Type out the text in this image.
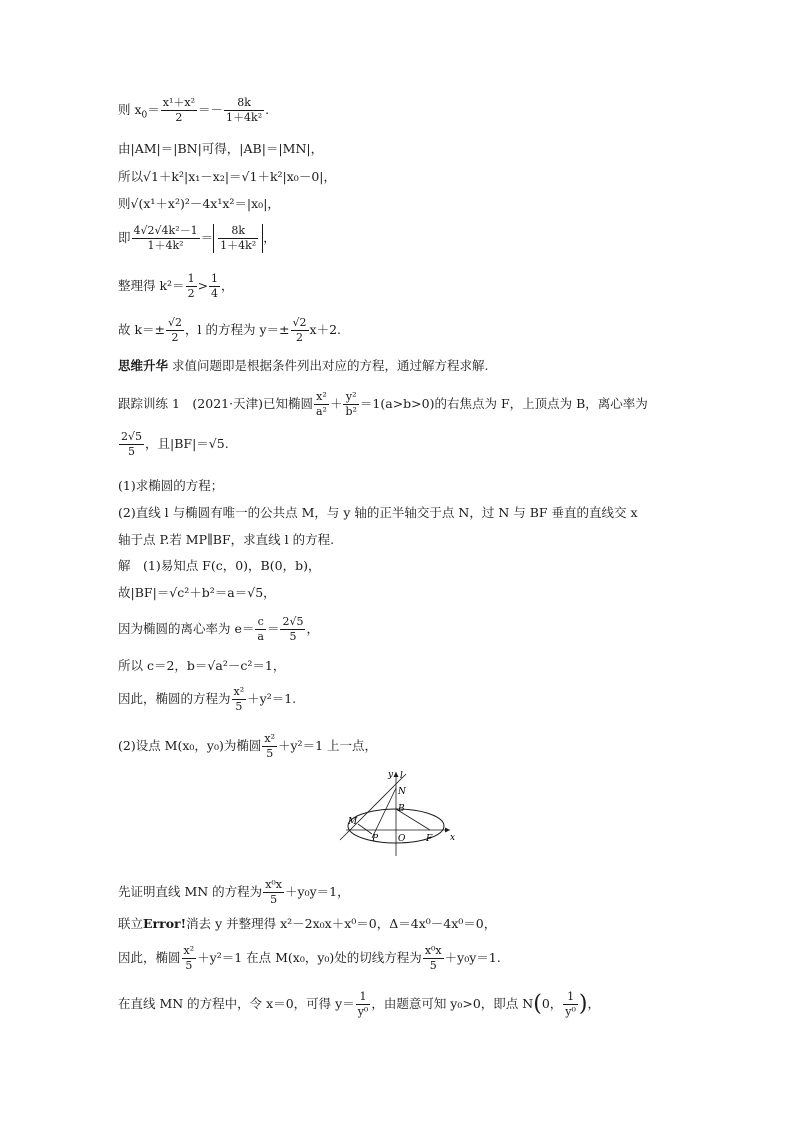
则 $x_0= \frac{\text{x¹＋x²}}{2} =- \frac{8k}{\text{1＋4k²}}$ .
由|AM|＝|BN|可得，|AB|＝|MN|，
所以√1＋k²|x₁－x₂|＝√1＋k²|x₀－0|，
则√(x¹＋x²)²－4x¹x²＝|x₀|，
即 $\frac{\text{4√2√4k²－1}}{\text{1＋4k²}} = \frac{8k}{\text{1＋4k²}}$ ，
整理得 $k^2= \frac{1}{2} > \frac{1}{4}$ ，
故 $k=\pm \frac{√2}{2}$ ，l 的方程为 $y=\pm \frac{√2}{2} x+2$.
思维升华 求值问题即是根据条件列出对应的方程，通过解方程求解.
跟踪训练 1　(2021·天津)已知椭圆 $\frac{\text{x²}}{\text{a²}} + \frac{\text{y²}}{\text{b²}} =1(a>b>0)$的右焦点为 F，上顶点为 B，离心率为
$\frac{2√5}{5}$ ，且|BF|＝√5.
(1)求椭圆的方程；
(2)直线 l 与椭圆有唯一的公共点 M，与 y 轴的正半轴交于点 N，过 N 与 BF 垂直的直线交 x
轴于点 P.若 MP∥BF，求直线 l 的方程.
解　(1)易知点 F(c，0)，B(0，b)，
故|BF|＝√c²＋b²＝a＝√5，
因为椭圆的离心率为 $e= \frac{c}{a} = \frac{2√5}{5}$ ，
所以 c＝2，b＝√a²－c²＝1，
因此，椭圆的方程为 $\frac{\text{x²}}{5} +y^2=1$.
(2)设点 M(x₀，y₀)为椭圆 $\frac{\text{x²}}{5} +y^2=1$ 上一点，
y l
N
B
M
P O F x
先证明直线 MN 的方程为 $\frac{\text{x⁰x}}{5} +y_0y=1$，
联立Error!消去 y 并整理得 x²－2x₀x＋x⁰＝0，Δ＝4x⁰－4x⁰＝0，
因此，椭圆 $\frac{\text{x²}}{5} +y^2=1$ 在点 M(x₀，y₀)处的切线方程为 $\frac{\text{x⁰x}}{5} +y_0y=1$.
在直线 MN 的方程中，令 x＝0，可得 $y= \frac{1}{\text{y⁰}}$ ，由题意可知 y₀>0，即点 N(0， $\frac{1}{\text{y⁰}}$ )，
